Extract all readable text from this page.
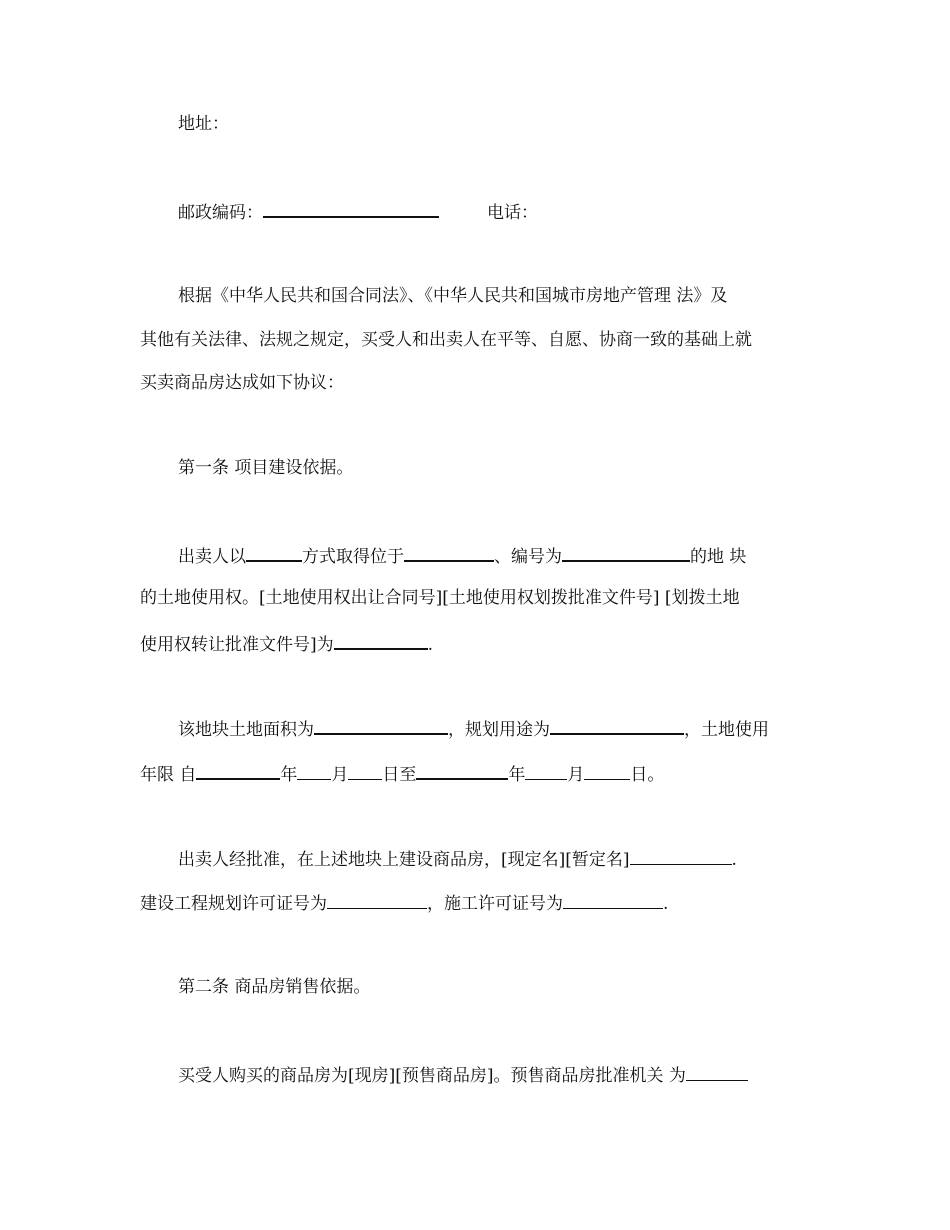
地址：
邮政编码：	电话：
根据《中华人民共和国合同法》、《中华人民共和国城市房地产管理 法》及
其他有关法律、法规之规定，买受人和出卖人在平等、自愿、协商一致的基础上就
买卖商品房达成如下协议：
第一条 项目建设依据。
出卖人以	方式取得位于	、编号为	的地 块
的土地使用权。[土地使用权出让合同号][土地使用权划拨批准文件号] [划拨土地
使用权转让批准文件号]为	.
该地块土地面积为	，规划用途为	，土地使用
年限 自	年 月 日至	年 月	日。
出卖人经批准，在上述地块上建设商品房，[现定名][暂定名]	.
建设工程规划许可证号为	，施工许可证号为	.
第二条 商品房销售依据。
买受人购买的商品房为[现房][预售商品房]。预售商品房批准机关 为
